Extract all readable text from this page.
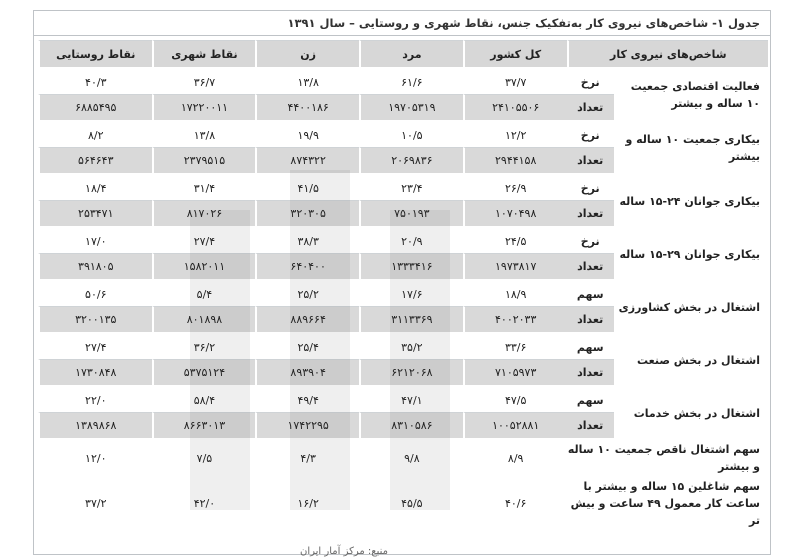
جدول ۱- شاخص‌های نیروی کار به‌تفکیک جنس، نقاط شهری و روستایی – سال ۱۳۹۱
شاخص‌های نیروی کار		کل کشور	مرد	زن	نقاط شهری	نقاط روستایی
فعالیت اقتصادی جمعیت ۱۰ ساله و بیشتر	نرخ	۳۷/۷	۶۱/۶	۱۳/۸	۳۶/۷	۴۰/۳
	تعداد	۲۴۱۰۵۵۰۶	۱۹۷۰۵۳۱۹	۴۴۰۰۱۸۶	۱۷۲۲۰۰۱۱	۶۸۸۵۴۹۵
بیکاری جمعیت ۱۰ ساله و بیشتر	نرخ	۱۲/۲	۱۰/۵	۱۹/۹	۱۳/۸	۸/۲
	تعداد	۲۹۴۴۱۵۸	۲۰۶۹۸۳۶	۸۷۴۳۲۲	۲۳۷۹۵۱۵	۵۶۴۶۴۳
بیکاری جوانان ۲۴-۱۵ ساله	نرخ	۲۶/۹	۲۳/۴	۴۱/۵	۳۱/۴	۱۸/۴
	تعداد	۱۰۷۰۴۹۸	۷۵۰۱۹۳	۳۲۰۳۰۵	۸۱۷۰۲۶	۲۵۳۴۷۱
بیکاری جوانان ۲۹-۱۵ ساله	نرخ	۲۴/۵	۲۰/۹	۳۸/۳	۲۷/۴	۱۷/۰
	تعداد	۱۹۷۳۸۱۷	۱۳۳۳۴۱۶	۶۴۰۴۰۰	۱۵۸۲۰۱۱	۳۹۱۸۰۵
اشتغال در بخش کشاورزی	سهم	۱۸/۹	۱۷/۶	۲۵/۲	۵/۴	۵۰/۶
	تعداد	۴۰۰۲۰۳۳	۳۱۱۳۳۶۹	۸۸۹۶۶۴	۸۰۱۸۹۸	۳۲۰۰۱۳۵
اشتغال در بخش صنعت	سهم	۳۳/۶	۳۵/۲	۲۵/۴	۳۶/۲	۲۷/۴
	تعداد	۷۱۰۵۹۷۳	۶۲۱۲۰۶۸	۸۹۳۹۰۴	۵۳۷۵۱۲۴	۱۷۳۰۸۴۸
اشتغال در بخش خدمات	سهم	۴۷/۵	۴۷/۱	۴۹/۴	۵۸/۴	۲۲/۰
	تعداد	۱۰۰۵۲۸۸۱	۸۳۱۰۵۸۶	۱۷۴۲۲۹۵	۸۶۶۳۰۱۳	۱۳۸۹۸۶۸
سهم اشتغال ناقص جمعیت ۱۰ ساله و بیشتر		۸/۹	۹/۸	۴/۳	۷/۵	۱۲/۰
سهم شاغلین ۱۵ ساله و بیشتر با ساعت کار معمول ۴۹ ساعت و بیش تر		۴۰/۶	۴۵/۵	۱۶/۲	۴۲/۰	۳۷/۲
منبع: مرکز آمار ایران
